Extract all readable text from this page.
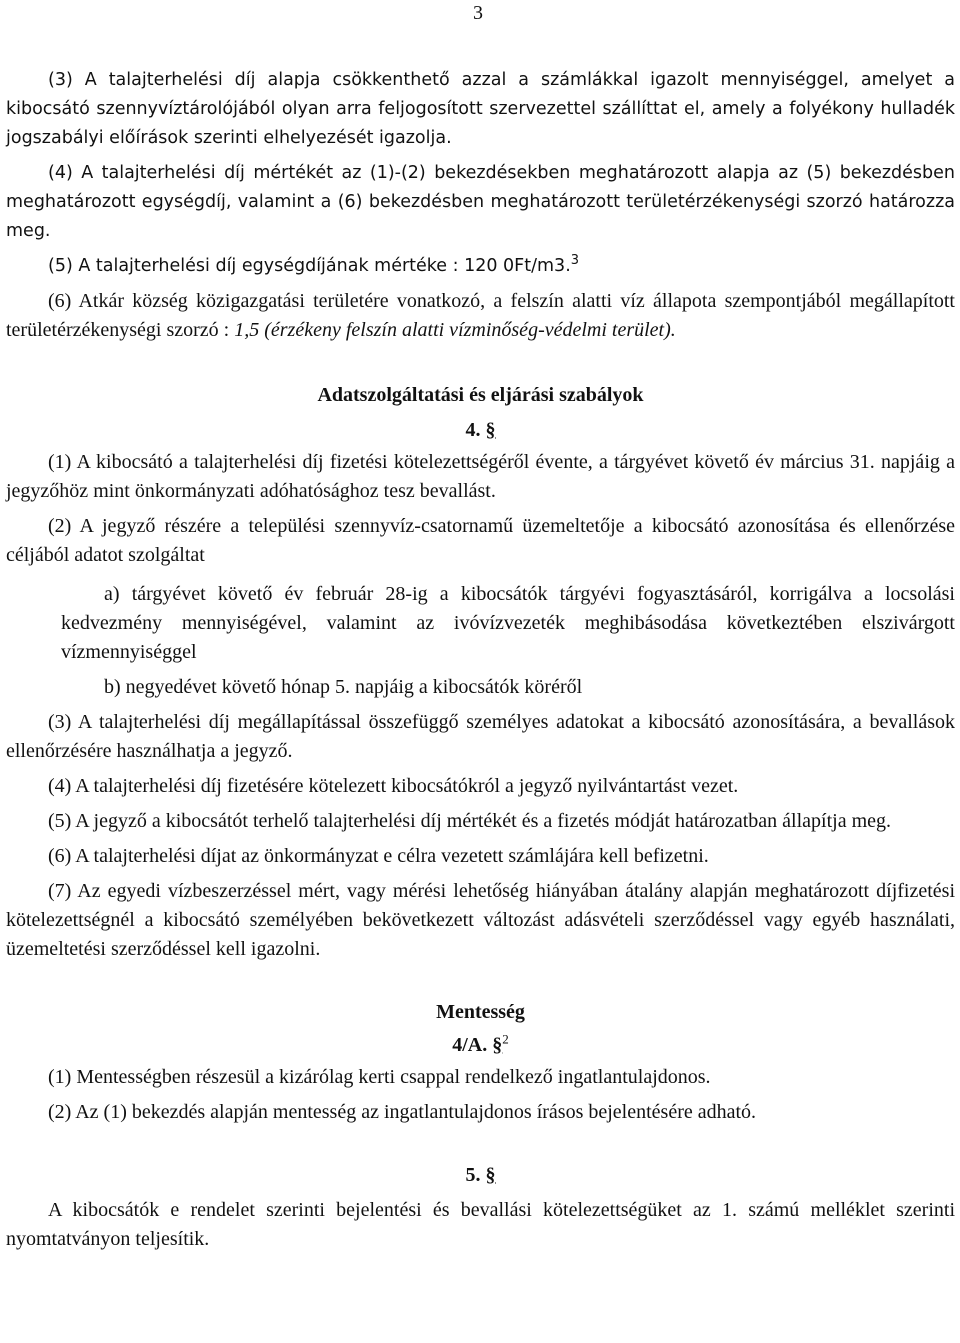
3

(3) A talajterhelési díj alapja csökkenthető azzal a számlákkal igazolt mennyiséggel, amelyet a kibocsátó szennyvíztárolójából olyan arra feljogosított szervezettel szállíttat el, amely a folyékony hulladék jogszabályi előírások szerinti elhelyezését igazolja.

(4) A talajterhelési díj mértékét az (1)-(2) bekezdésekben meghatározott alapja az (5) bekezdésben meghatározott egységdíj, valamint a (6) bekezdésben meghatározott területérzékenységi szorzó határozza meg.

(5) A talajterhelési díj egységdíjának mértéke : 120 0Ft/m3.$^3$

(6) Atkár község közigazgatási területére vonatkozó, a felszín alatti víz állapota szempontjából megállapított területérzékenységi szorzó : 1,5 (érzékeny felszín alatti vízminőség-védelmi terület).

Adatszolgáltatási és eljárási szabályok
4. §

(1) A kibocsátó a talajterhelési díj fizetési kötelezettségéről évente, a tárgyévet követő év március 31. napjáig a jegyzőhöz mint önkormányzati adóhatósághoz tesz bevallást.

(2) A jegyző részére a települési szennyvíz-csatornamű üzemeltetője a kibocsátó azonosítása és ellenőrzése céljából adatot szolgáltat

a) tárgyévet követő év február 28-ig a kibocsátók tárgyévi fogyasztásáról, korrigálva a locsolási kedvezmény mennyiségével, valamint az ivóvízvezeték meghibásodása következtében elszivárgott vízmennyiséggel
b) negyedévet követő hónap 5. napjáig a kibocsátók köréről

(3) A talajterhelési díj megállapítással összefüggő személyes adatokat a kibocsátó azonosítására, a bevallások ellenőrzésére használhatja a jegyző.

(4) A talajterhelési díj fizetésére kötelezett kibocsátókról a jegyző nyilvántartást vezet.

(5) A jegyző a kibocsátót terhelő talajterhelési díj mértékét és a fizetés módját határozatban állapítja meg.

(6) A talajterhelési díjat az önkormányzat e célra vezetett számlájára kell befizetni.

(7) Az egyedi vízbeszerzéssel mért, vagy mérési lehetőség hiányában átalány alapján meghatározott díjfizetési kötelezettségnél a kibocsátó személyében bekövetkezett változást adásvételi szerződéssel vagy egyéb használati, üzemeltetési szerződéssel kell igazolni.

Mentesség
4/A. §$^2$

(1) Mentességben részesül a kizárólag kerti csappal rendelkező ingatlantulajdonos.

(2) Az (1) bekezdés alapján mentesség az ingatlantulajdonos írásos bejelentésére adható.

5. §

A kibocsátók e rendelet szerinti bejelentési és bevallási kötelezettségüket az 1. számú melléklet szerinti nyomtatványon teljesítik.
